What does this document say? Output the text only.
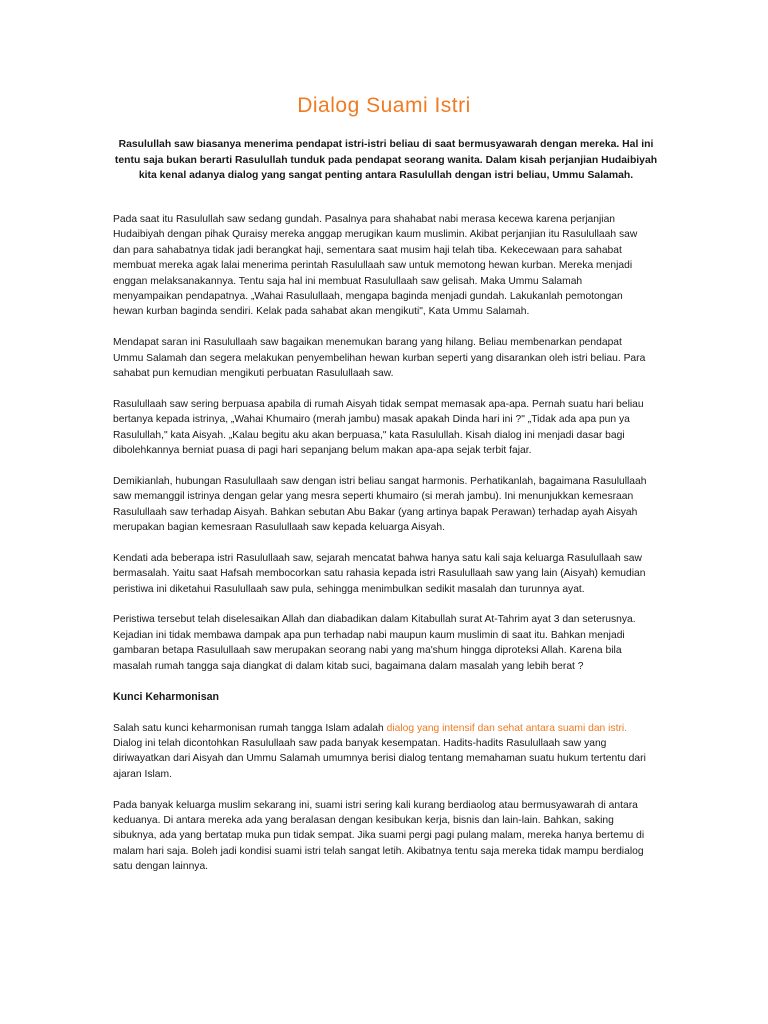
Dialog Suami Istri

Rasulullah saw biasanya menerima pendapat istri-istri beliau di saat bermusyawarah dengan mereka. Hal ini tentu saja bukan berarti Rasulullah tunduk pada pendapat seorang wanita. Dalam kisah perjanjian Hudaibiyah kita kenal adanya dialog yang sangat penting antara Rasulullah dengan istri beliau, Ummu Salamah.

Pada saat itu Rasulullah saw sedang gundah. Pasalnya para shahabat nabi merasa kecewa karena perjanjian Hudaibiyah dengan pihak Quraisy mereka anggap merugikan kaum muslimin. Akibat perjanjian itu Rasulullaah saw dan para sahabatnya tidak jadi berangkat haji, sementara saat musim haji telah tiba. Kekecewaan para sahabat membuat mereka agak lalai menerima perintah Rasulullaah saw untuk memotong hewan kurban. Mereka menjadi enggan melaksanakannya. Tentu saja hal ini membuat Rasulullaah saw gelisah. Maka Ummu Salamah menyampaikan pendapatnya. „Wahai Rasulullaah, mengapa baginda menjadi gundah. Lakukanlah pemotongan hewan kurban baginda sendiri. Kelak pada sahabat akan mengikuti", Kata Ummu Salamah.

Mendapat saran ini Rasulullaah saw bagaikan menemukan barang yang hilang. Beliau membenarkan pendapat Ummu Salamah dan segera melakukan penyembelihan hewan kurban seperti yang disarankan oleh istri beliau. Para sahabat pun kemudian mengikuti perbuatan Rasulullaah saw.

Rasulullaah saw sering berpuasa apabila di rumah Aisyah tidak sempat memasak apa-apa. Pernah suatu hari beliau bertanya kepada istrinya, „Wahai Khumairo (merah jambu) masak apakah Dinda hari ini ?" „Tidak ada apa pun ya Rasulullah," kata Aisyah. „Kalau begitu aku akan berpuasa," kata Rasulullah. Kisah dialog ini menjadi dasar bagi dibolehkannya berniat puasa di pagi hari sepanjang belum makan apa-apa sejak terbit fajar.

Demikianlah, hubungan Rasulullaah saw dengan istri beliau sangat harmonis. Perhatikanlah, bagaimana Rasulullaah saw memanggil istrinya dengan gelar yang mesra seperti khumairo (si merah jambu). Ini menunjukkan kemesraan Rasulullaah saw terhadap Aisyah. Bahkan sebutan Abu Bakar (yang artinya bapak Perawan) terhadap ayah Aisyah merupakan bagian kemesraan Rasulullaah saw kepada keluarga Aisyah.

Kendati ada beberapa istri Rasulullaah saw, sejarah mencatat bahwa hanya satu kali saja keluarga Rasulullaah saw bermasalah. Yaitu saat Hafsah membocorkan satu rahasia kepada istri Rasulullaah saw yang lain (Aisyah) kemudian peristiwa ini diketahui Rasulullaah saw pula, sehingga menimbulkan sedikit masalah dan turunnya ayat.

Peristiwa tersebut telah diselesaikan Allah dan diabadikan dalam Kitabullah surat At-Tahrim ayat 3 dan seterusnya. Kejadian ini tidak membawa dampak apa pun terhadap nabi maupun kaum muslimin di saat itu. Bahkan menjadi gambaran betapa Rasulullaah saw merupakan seorang nabi yang ma'shum hingga diproteksi Allah. Karena bila masalah rumah tangga saja diangkat di dalam kitab suci, bagaimana dalam masalah yang lebih berat ?

Kunci Keharmonisan

Salah satu kunci keharmonisan rumah tangga Islam adalah dialog yang intensif dan sehat antara suami dan istri. Dialog ini telah dicontohkan Rasulullaah saw pada banyak kesempatan. Hadits-hadits Rasulullaah saw yang diriwayatkan dari Aisyah dan Ummu Salamah umumnya berisi dialog tentang memahaman suatu hukum tertentu dari ajaran Islam.

Pada banyak keluarga muslim sekarang ini, suami istri sering kali kurang berdiaolog atau bermusyawarah di antara keduanya. Di antara mereka ada yang beralasan dengan kesibukan kerja, bisnis dan lain-lain. Bahkan, saking sibuknya, ada yang bertatap muka pun tidak sempat. Jika suami pergi pagi pulang malam, mereka hanya bertemu di malam hari saja. Boleh jadi kondisi suami istri telah sangat letih. Akibatnya tentu saja mereka tidak mampu berdialog satu dengan lainnya.
